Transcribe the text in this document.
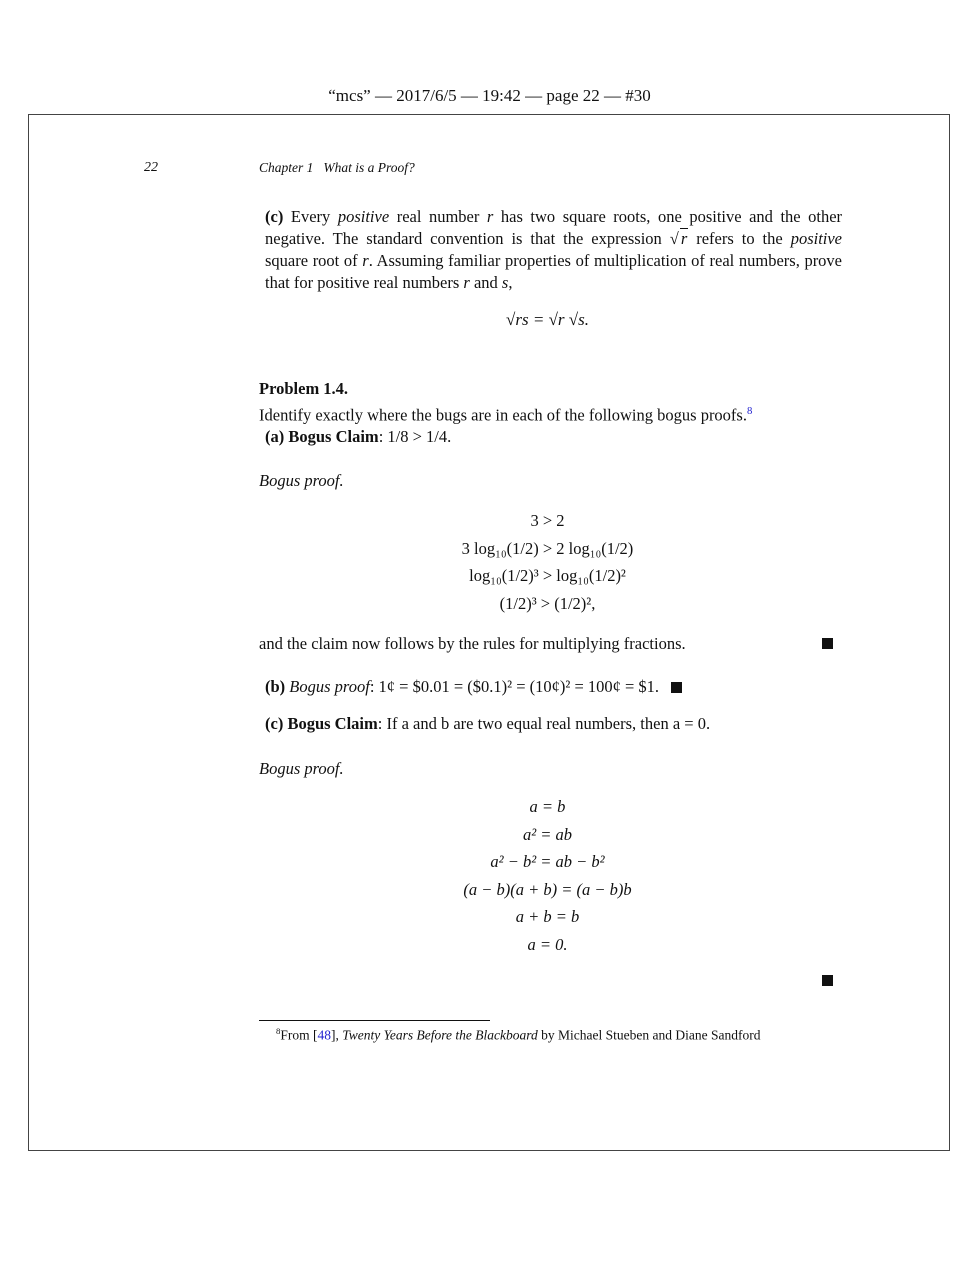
“mcs” — 2017/6/5 — 19:42 — page 22 — #30
22	Chapter 1 What is a Proof?
(c) Every positive real number r has two square roots, one positive and the other negative. The standard convention is that the expression √ r refers to the positive square root of r. Assuming familiar properties of multiplication of real numbers, prove that for positive real numbers r and s,
√rs = √r √s.
Problem 1.4.
Identify exactly where the bugs are in each of the following bogus proofs.$^8$
(a) Bogus Claim: 1/8 > 1/4.
Bogus proof.
3 > 2
3 log₁₀(1/2) > 2 log₁₀(1/2)
log₁₀(1/2)³ > log₁₀(1/2)²
(1/2)³ > (1/2)²,
and the claim now follows by the rules for multiplying fractions.
(b) Bogus proof: 1¢ = $0.01 = ($0.1)² = (10¢)² = 100¢ = $1.
(c) Bogus Claim: If a and b are two equal real numbers, then a = 0.
Bogus proof.
a = b
a² = ab
a² − b² = ab − b²
(a − b)(a + b) = (a − b)b
a + b = b
a = 0.
$^8$From [48], Twenty Years Before the Blackboard by Michael Stueben and Diane Sandford
